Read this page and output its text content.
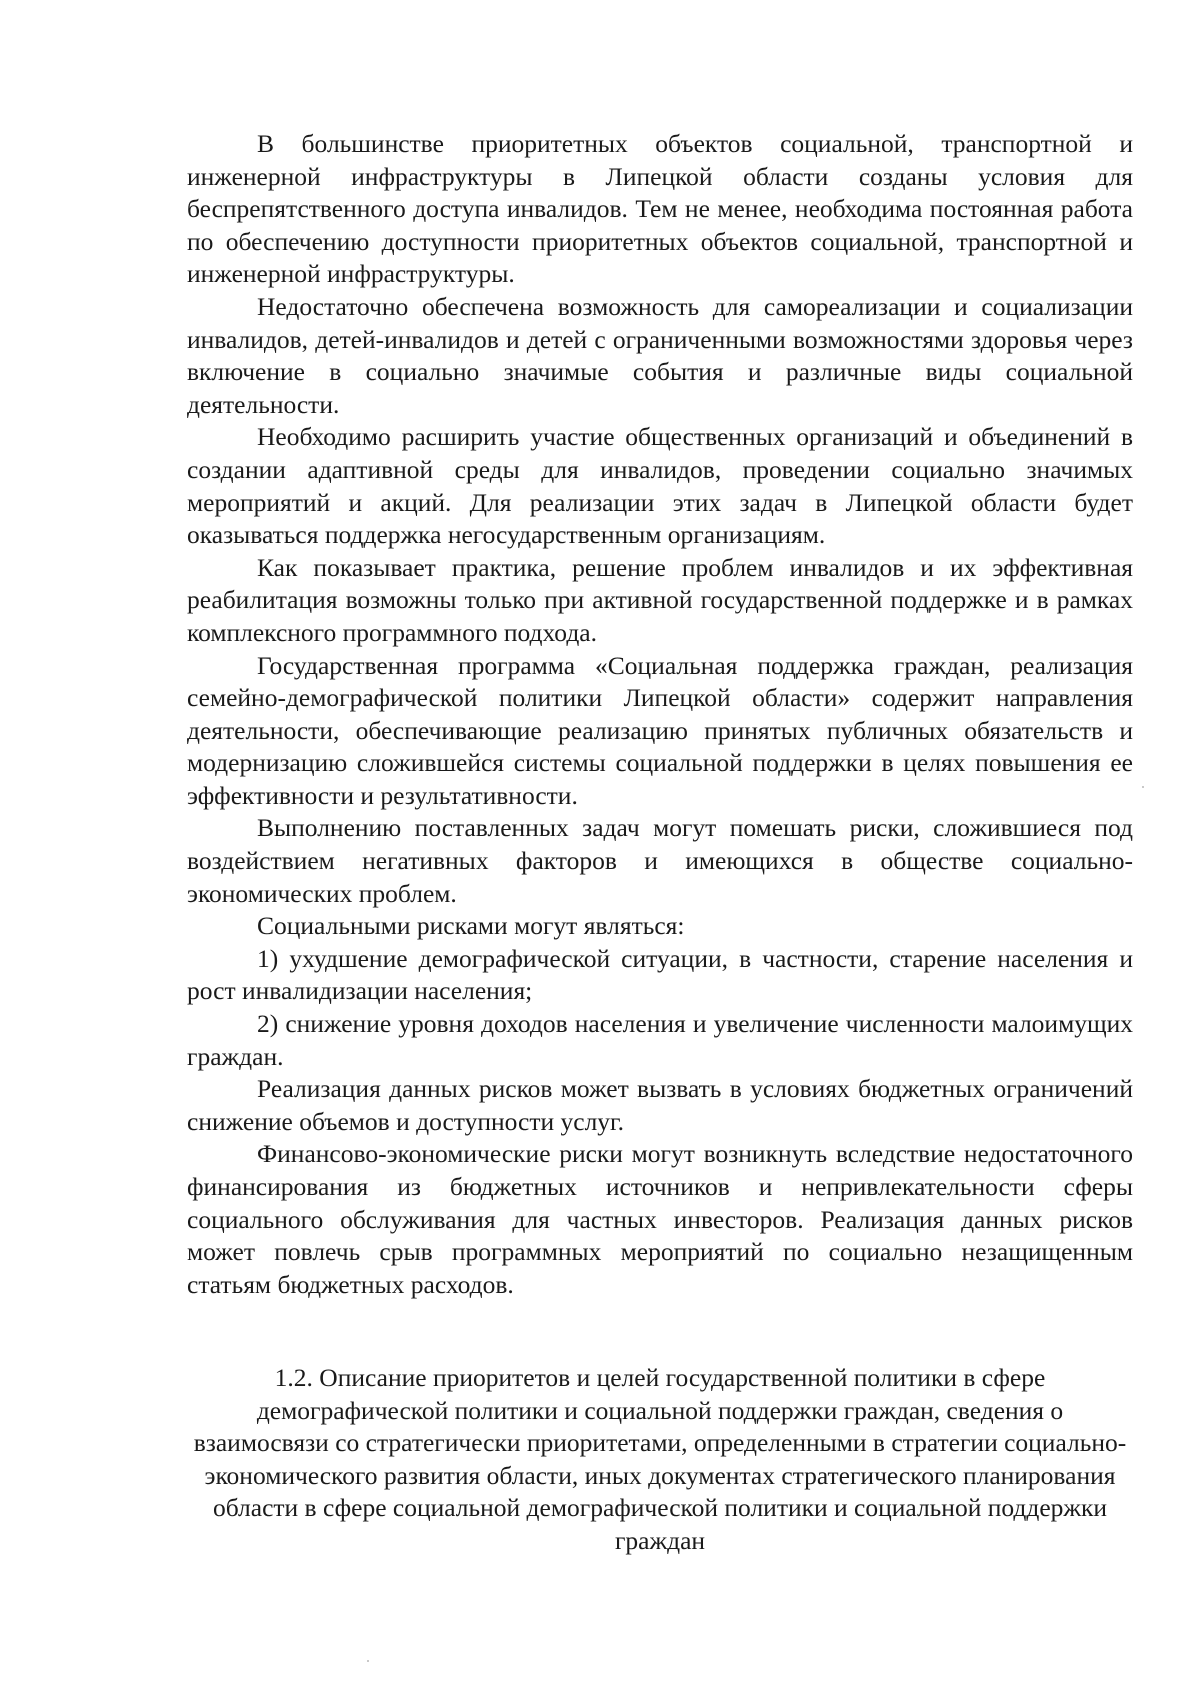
В большинстве приоритетных объектов социальной, транспортной и инженерной инфраструктуры в Липецкой области созданы условия для беспрепятственного доступа инвалидов. Тем не менее, необходима постоянная работа по обеспечению доступности приоритетных объектов социальной, транспортной и инженерной инфраструктуры.

Недостаточно обеспечена возможность для самореализации и социализации инвалидов, детей-инвалидов и детей с ограниченными возможностями здоровья через включение в социально значимые события и различные виды социальной деятельности.

Необходимо расширить участие общественных организаций и объединений в создании адаптивной среды для инвалидов, проведении социально значимых мероприятий и акций. Для реализации этих задач в Липецкой области будет оказываться поддержка негосударственным организациям.

Как показывает практика, решение проблем инвалидов и их эффективная реабилитация возможны только при активной государственной поддержке и в рамках комплексного программного подхода.

Государственная программа «Социальная поддержка граждан, реализация семейно-демографической политики Липецкой области» содержит направления деятельности, обеспечивающие реализацию принятых публичных обязательств и модернизацию сложившейся системы социальной поддержки в целях повышения ее эффективности и результативности.

Выполнению поставленных задач могут помешать риски, сложившиеся под воздействием негативных факторов и имеющихся в обществе социально-экономических проблем.

Социальными рисками могут являться:

1) ухудшение демографической ситуации, в частности, старение населения и рост инвалидизации населения;

2) снижение уровня доходов населения и увеличение численности малоимущих граждан.

Реализация данных рисков может вызвать в условиях бюджетных ограничений снижение объемов и доступности услуг.

Финансово-экономические риски могут возникнуть вследствие недостаточного финансирования из бюджетных источников и непривлекательности сферы социального обслуживания для частных инвесторов. Реализация данных рисков может повлечь срыв программных мероприятий по социально незащищенным статьям бюджетных расходов.

1.2. Описание приоритетов и целей государственной политики в сфере демографической политики и социальной поддержки граждан, сведения о взаимосвязи со стратегически приоритетами, определенными в стратегии социально-экономического развития области, иных документах стратегического планирования области в сфере социальной демографической политики и социальной поддержки граждан
